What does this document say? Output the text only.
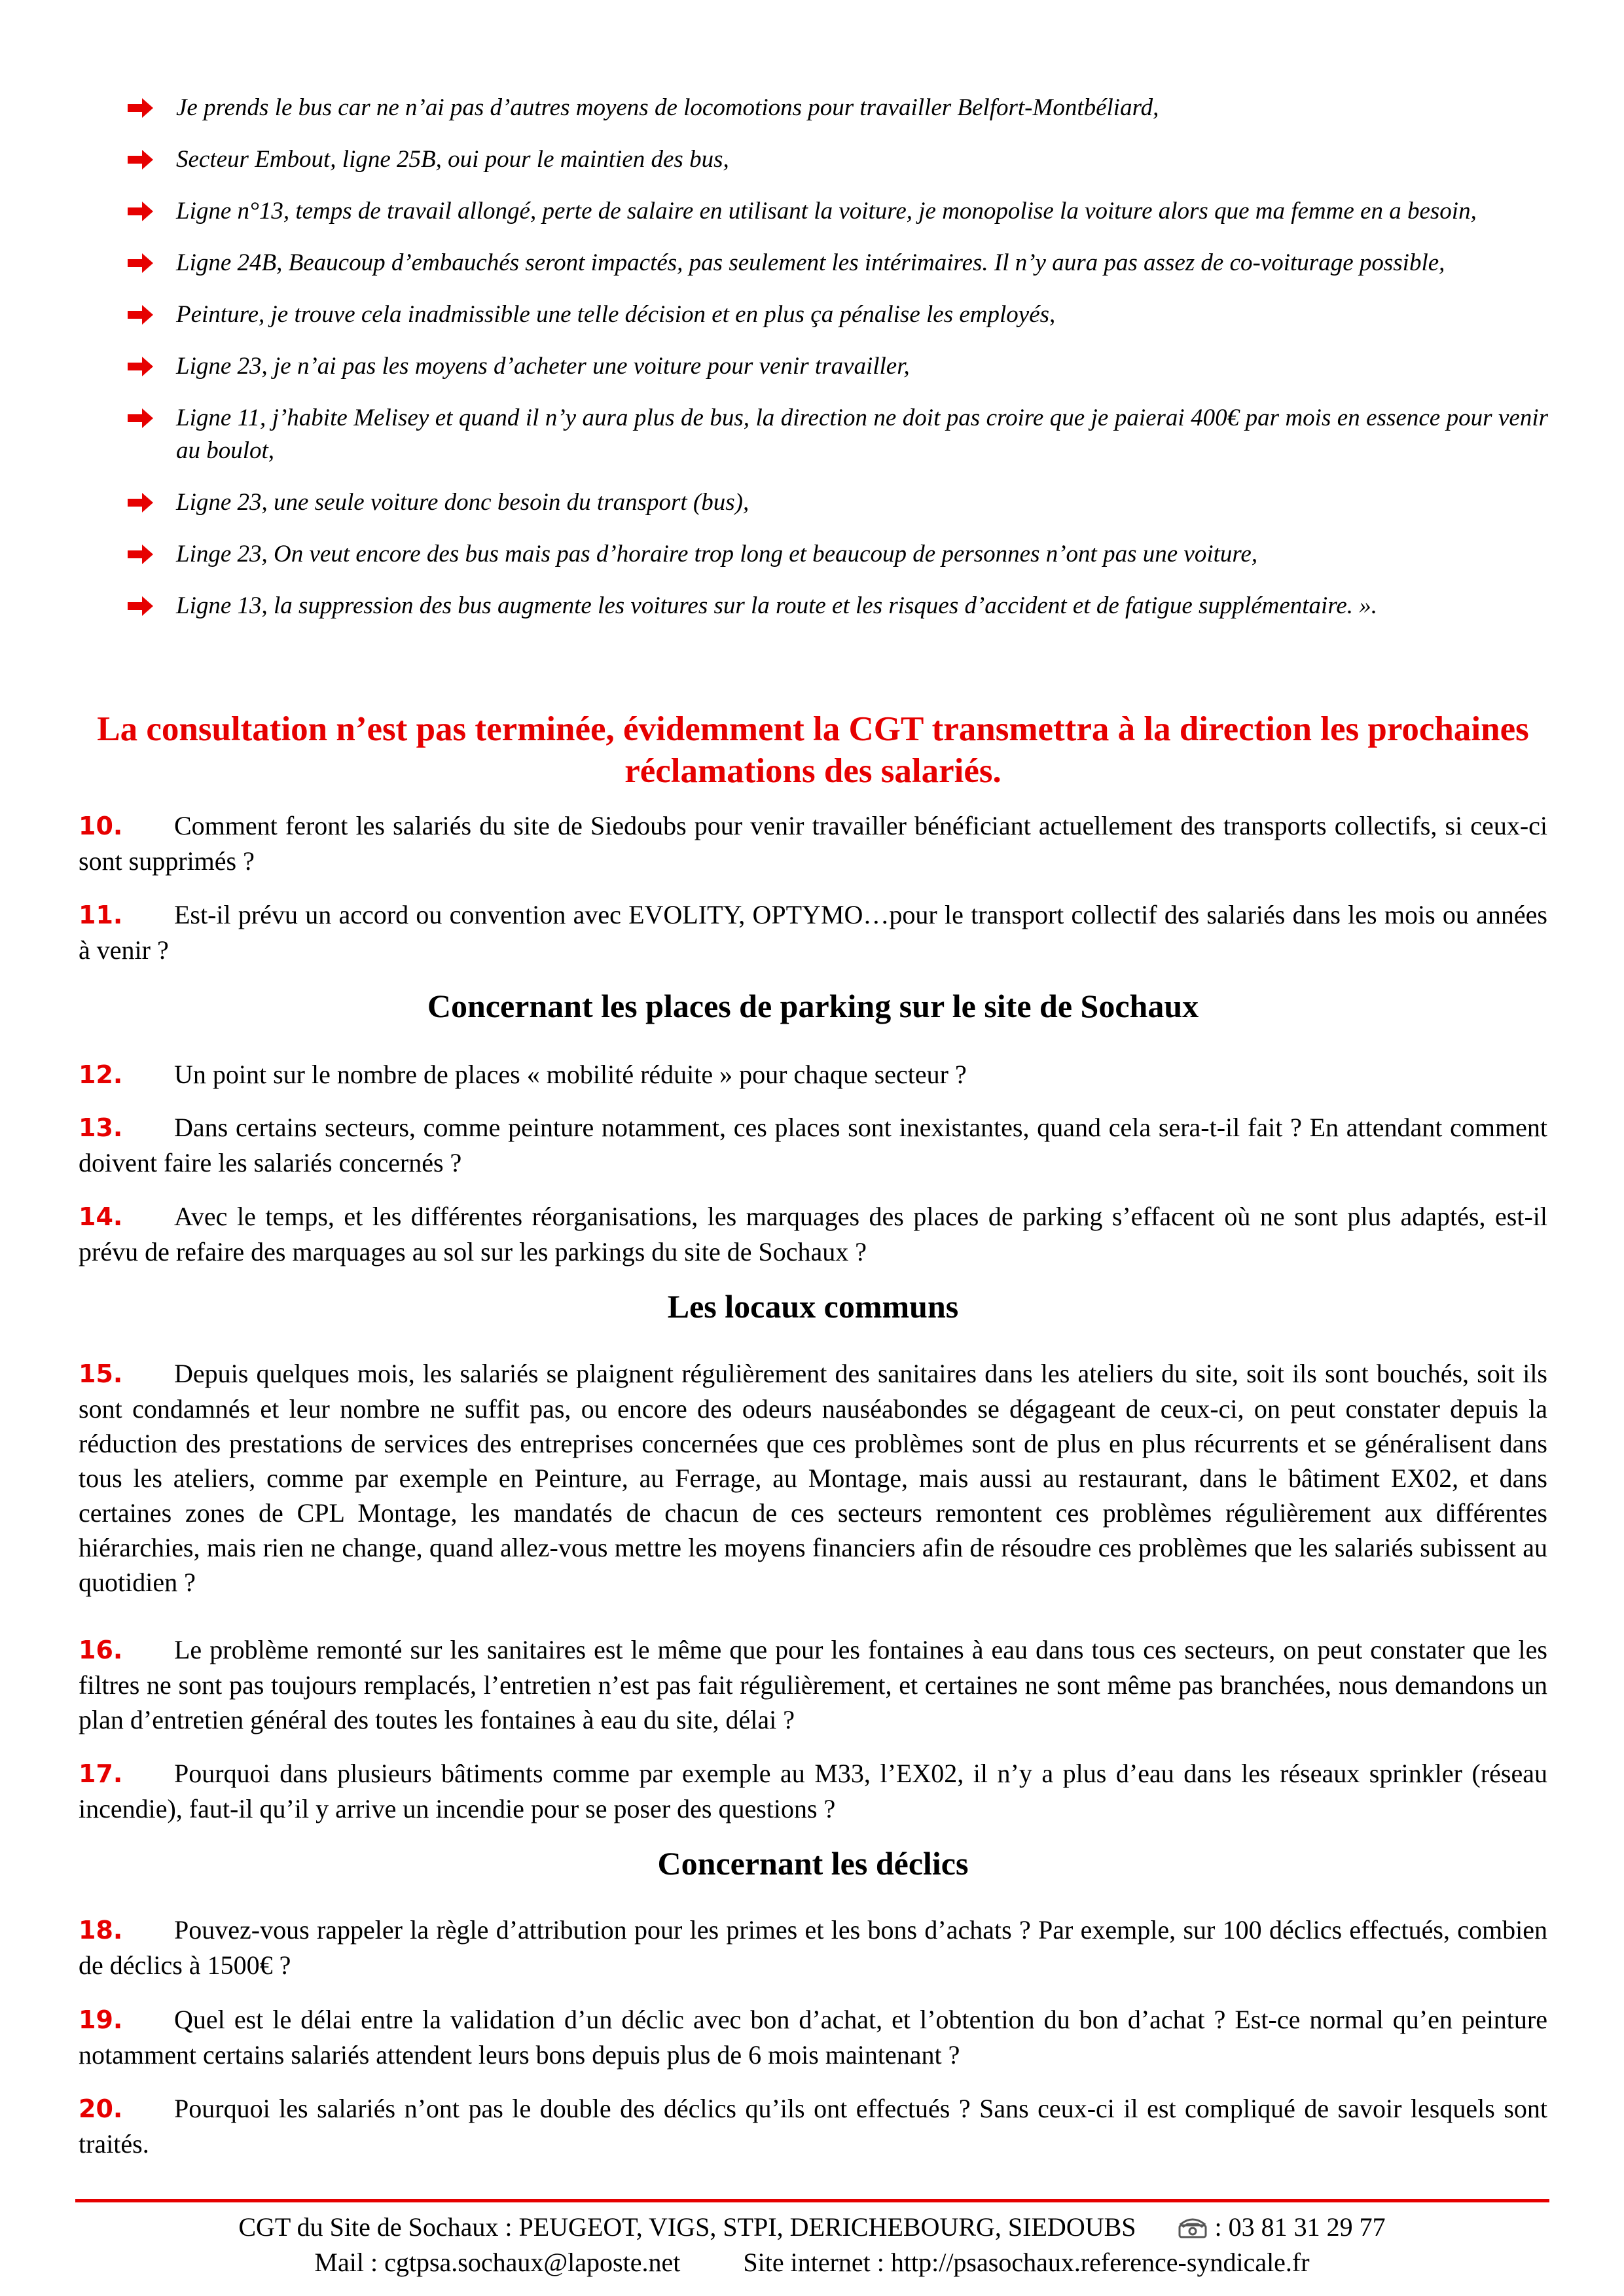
Je prends le bus car ne n’ai pas d’autres moyens de locomotions pour travailler Belfort-Montbéliard,
Secteur Embout, ligne 25B, oui pour le maintien des bus,
Ligne n°13, temps de travail allongé, perte de salaire en utilisant la voiture, je monopolise la voiture alors que ma femme en a besoin,
Ligne 24B, Beaucoup d’embauchés seront impactés, pas seulement les intérimaires. Il n’y aura pas assez de co-voiturage possible,
Peinture, je trouve cela inadmissible une telle décision et en plus ça pénalise les employés,
Ligne 23, je n’ai pas les moyens d’acheter une voiture pour venir travailler,
Ligne 11, j’habite Melisey et quand il n’y aura plus de bus, la direction ne doit pas croire que je paierai 400€ par mois en essence pour venir au boulot,
Ligne 23, une seule voiture donc besoin du transport (bus),
Linge 23, On veut encore des bus mais pas d’horaire trop long et beaucoup de personnes n’ont pas une voiture,
Ligne 13, la suppression des bus augmente les voitures sur la route et les risques d’accident et de fatigue supplémentaire. ».
La consultation n’est pas terminée, évidemment la CGT transmettra à la direction les prochaines réclamations des salariés.

10. Comment feront les salariés du site de Siedoubs pour venir travailler bénéficiant actuellement des transports collectifs, si ceux-ci sont supprimés ?

11. Est-il prévu un accord ou convention avec EVOLITY, OPTYMO…pour le transport collectif des salariés dans les mois ou années à venir ?

Concernant les places de parking sur le site de Sochaux

12. Un point sur le nombre de places « mobilité réduite » pour chaque secteur ?

13. Dans certains secteurs, comme peinture notamment, ces places sont inexistantes, quand cela sera-t-il fait ? En attendant comment doivent faire les salariés concernés ?

14. Avec le temps, et les différentes réorganisations, les marquages des places de parking s’effacent où ne sont plus adaptés, est-il prévu de refaire des marquages au sol sur les parkings du site de Sochaux ?

Les locaux communs

15. Depuis quelques mois, les salariés se plaignent régulièrement des sanitaires dans les ateliers du site, soit ils sont bouchés, soit ils sont condamnés et leur nombre ne suffit pas, ou encore des odeurs nauséabondes se dégageant de ceux-ci, on peut constater depuis la réduction des prestations de services des entreprises concernées que ces problèmes sont de plus en plus récurrents et se généralisent dans tous les ateliers, comme par exemple en Peinture, au Ferrage, au Montage, mais aussi au restaurant, dans le bâtiment EX02, et dans certaines zones de CPL Montage, les mandatés de chacun de ces secteurs remontent ces problèmes régulièrement aux différentes hiérarchies, mais rien ne change, quand allez-vous mettre les moyens financiers afin de résoudre ces problèmes que les salariés subissent au quotidien ?

16. Le problème remonté sur les sanitaires est le même que pour les fontaines à eau dans tous ces secteurs, on peut constater que les filtres ne sont pas toujours remplacés, l’entretien n’est pas fait régulièrement, et certaines ne sont même pas branchées, nous demandons un plan d’entretien général des toutes les fontaines à eau du site, délai ?

17. Pourquoi dans plusieurs bâtiments comme par exemple au M33, l’EX02, il n’y a plus d’eau dans les réseaux sprinkler (réseau incendie), faut-il qu’il y arrive un incendie pour se poser des questions ?

Concernant les déclics

18. Pouvez-vous rappeler la règle d’attribution pour les primes et les bons d’achats ? Par exemple, sur 100 déclics effectués, combien de déclics à 1500€ ?

19. Quel est le délai entre la validation d’un déclic avec bon d’achat, et l’obtention du bon d’achat ? Est-ce normal qu’en peinture notamment certains salariés attendent leurs bons depuis plus de 6 mois maintenant ?

20. Pourquoi les salariés n’ont pas le double des déclics qu’ils ont effectués ? Sans ceux-ci il est compliqué de savoir lesquels sont traités.

CGT du Site de Sochaux : PEUGEOT, VIGS, STPI, DERICHEBOURG, SIEDOUBS	: 03 81 31 29 77
Mail : cgtpsa.sochaux@laposte.net Site internet : http://psasochaux.reference-syndicale.fr
